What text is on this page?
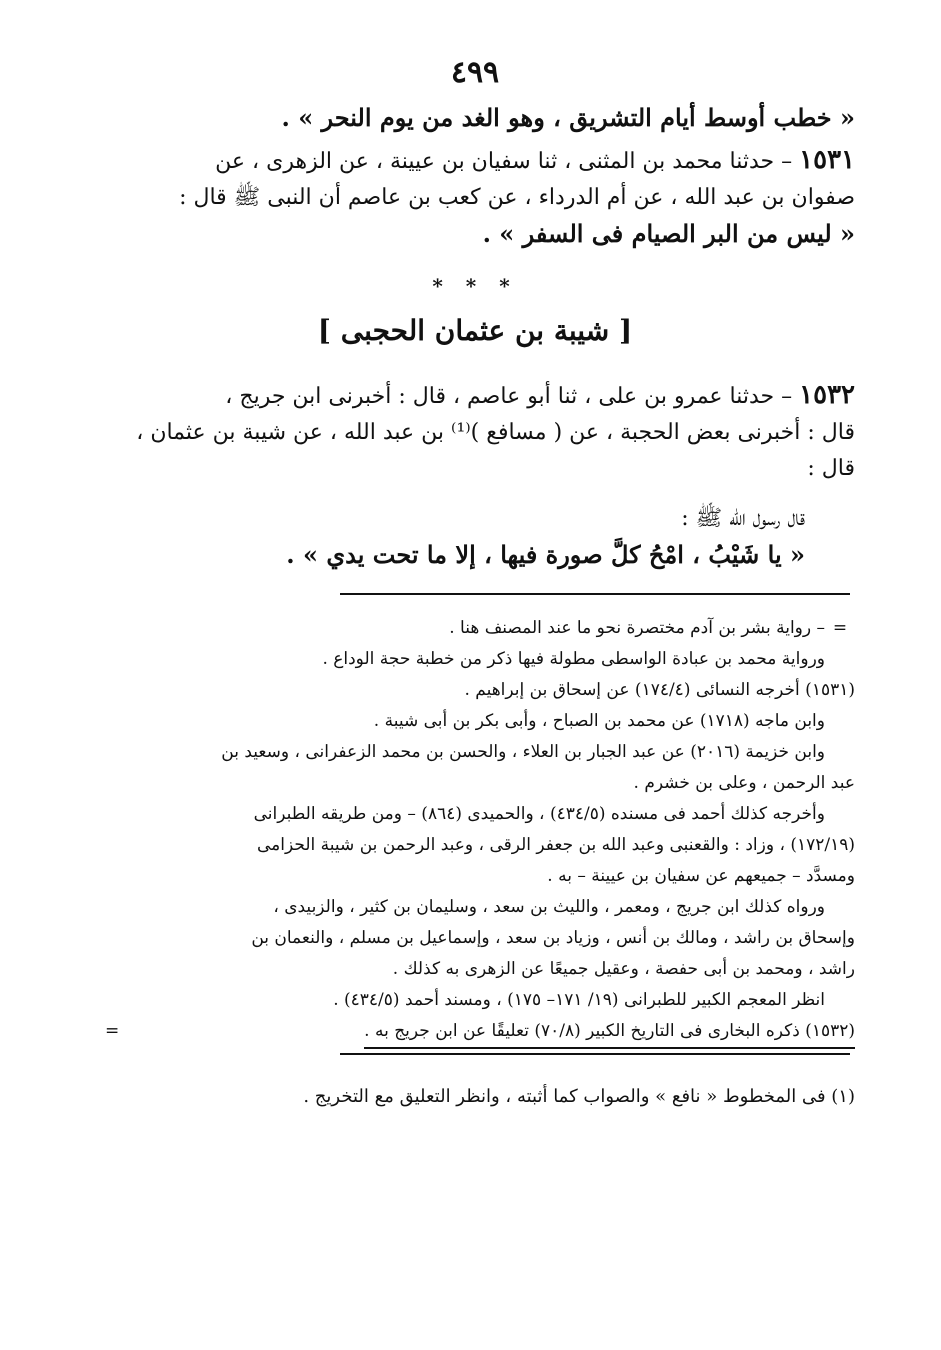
٤٩٩

« خطب أوسط أيام التشريق ، وهو الغد من يوم النحر » .

١٥٣١ – حدثنا محمد بن المثنى ، ثنا سفيان بن عيينة ، عن الزهرى ، عن

صفوان بن عبد الله ، عن أم الدرداء ، عن كعب بن عاصم أن النبى ﷺ قال :

« ليس من البر الصيام فى السفر » .

* * *
[ شيبة بن عثمان الحجبى ]

١٥٣٢ – حدثنا عمرو بن على ، ثنا أبو عاصم ، قال : أخبرنى ابن جريج ،

قال : أخبرنى بعض الحجبة ، عن ( مسافع )⁽¹⁾ بن عبد الله ، عن شيبة بن عثمان ،

قال :

قال رسول الله ﷺ :

« يا شَيْبُ ، امْحُ كلَّ صورة فيها ، إلا ما تحت يدي » .

=– رواية بشر بن آدم مختصرة نحو ما عند المصنف هنا .

ورواية محمد بن عبادة الواسطى مطولة فيها ذكر من خطبة حجة الوداع .

(١٥٣١) أخرجه النسائى (١٧٤/٤) عن إسحاق بن إبراهيم .

وابن ماجه (١٧١٨) عن محمد بن الصباح ، وأبى بكر بن أبى شيبة .

وابن خزيمة (٢٠١٦) عن عبد الجبار بن العلاء ، والحسن بن محمد الزعفرانى ، وسعيد بن

عبد الرحمن ، وعلى بن خشرم .

وأخرجه كذلك أحمد فى مسنده (٤٣٤/٥) ، والحميدى (٨٦٤) – ومن طريقه الطبرانى

(١٧٢/١٩) ، وزاد : والقعنبى وعبد الله بن جعفر الرقى ، وعبد الرحمن بن شيبة الحزامى

ومسدَّد – جميعهم عن سفيان بن عيينة – به .

ورواه كذلك ابن جريج ، ومعمر ، والليث بن سعد ، وسليمان بن كثير ، والزبيدى ،

وإسحاق بن راشد ، ومالك بن أنس ، وزياد بن سعد ، وإسماعيل بن مسلم ، والنعمان بن

راشد ، ومحمد بن أبى حفصة ، وعقيل جميعًا عن الزهرى به كذلك .

انظر المعجم الكبير للطبرانى (١٩/ ١٧١– ١٧٥) ، ومسند أحمد (٤٣٤/٥) .

(١٥٣٢) ذكره البخارى فى التاريخ الكبير (٧٠/٨) تعليقًا عن ابن جريج به .
=

(١) فى المخطوط « نافع » والصواب كما أثبته ، وانظر التعليق مع التخريج .
